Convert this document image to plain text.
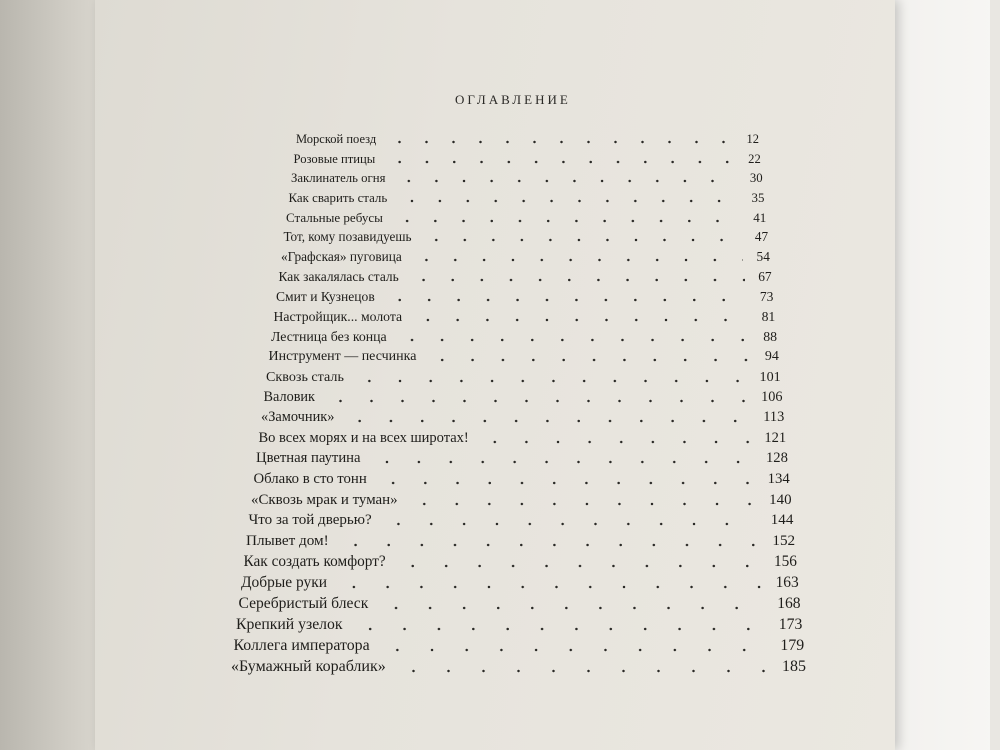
ОГЛАВЛЕНИЕ
Морской поезд	12
Розовые птицы	22
Заклинатель огня	30
Как сварить сталь	35
Стальные ребусы	41
Тот, кому позавидуешь	47
«Графская» пуговица	54
Как закалялась сталь	67
Смит и Кузнецов	73
Настройщик... молота	81
Лестница без конца	88
Инструмент — песчинка	94
Сквозь сталь	101
Валовик	106
«Замочник»	113
Во всех морях и на всех широтах!	121
Цветная паутина	128
Облако в сто тонн	134
«Сквозь мрак и туман»	140
Что за той дверью?	144
Плывет дом!	152
Как создать комфорт?	156
Добрые руки	163
Серебристый блеск	168
Крепкий узелок	173
Коллега императора	179
«Бумажный кораблик»	185
